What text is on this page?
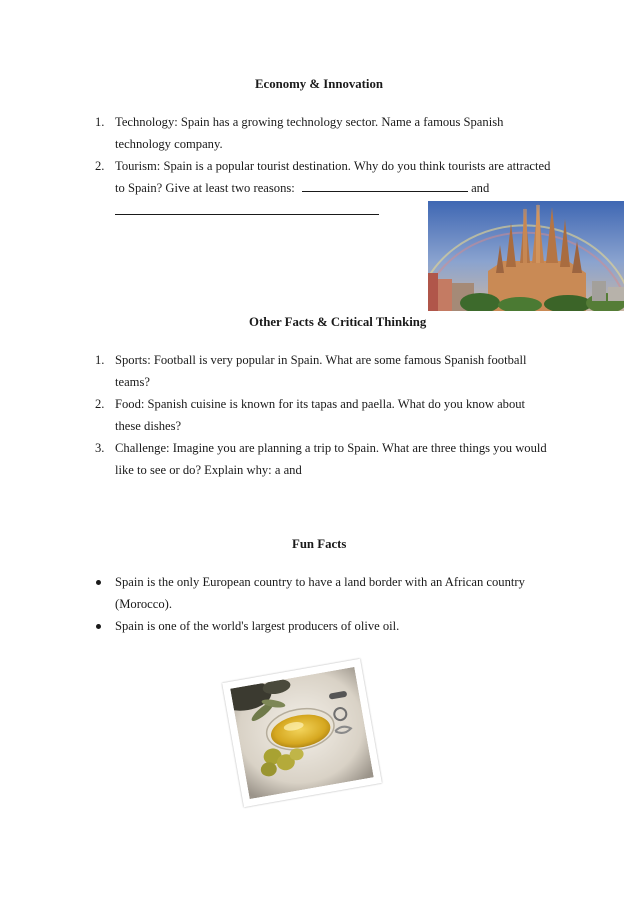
Economy & Innovation
1. Technology: Spain has a growing technology sector. Name a famous Spanish
technology company.
2. Tourism: Spain is a popular tourist destination. Why do you think tourists are attracted
to Spain? Give at least two reasons:	and
Other Facts & Critical Thinking
1. Sports: Football is very popular in Spain. What are some famous Spanish football
teams?
2. Food: Spanish cuisine is known for its tapas and paella. What do you know about
these dishes?
3. Challenge: Imagine you are planning a trip to Spain. What are three things you would
like to see or do? Explain why: a and
Fun Facts
Spain is the only European country to have a land border with an African country
(Morocco).
Spain is one of the world's largest producers of olive oil.
